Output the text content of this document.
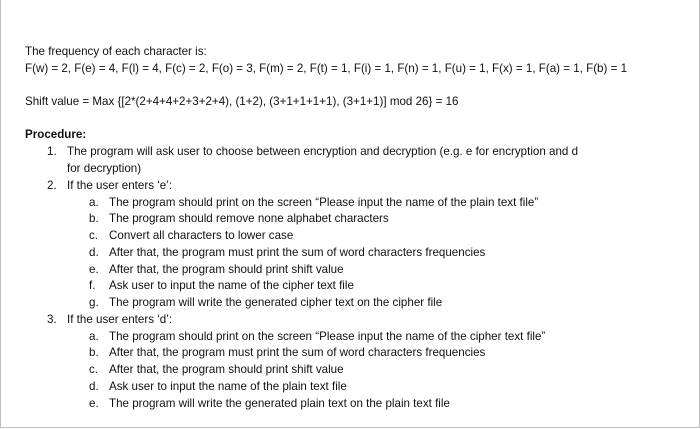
The frequency of each character is:
F(w) = 2, F(e) = 4, F(l) = 4, F(c) = 2, F(o) = 3, F(m) = 2, F(t) = 1, F(i) = 1, F(n) = 1, F(u) = 1, F(x) = 1, F(a) = 1, F(b) = 1
Shift value = Max {[2*(2+4+4+2+3+2+4), (1+2), (3+1+1+1+1), (3+1+1)] mod 26} = 16
Procedure:
1. The program will ask user to choose between encryption and decryption (e.g. e for encryption and d
for decryption)
2. If the user enters ‘e’:
a. The program should print on the screen “Please input the name of the plain text file”
b. The program should remove none alphabet characters
c. Convert all characters to lower case
d. After that, the program must print the sum of word characters frequencies
e. After that, the program should print shift value
f. Ask user to input the name of the cipher text file
g. The program will write the generated cipher text on the cipher file
3. If the user enters ‘d’:
a. The program should print on the screen “Please input the name of the cipher text file”
b. After that, the program must print the sum of word characters frequencies
c. After that, the program should print shift value
d. Ask user to input the name of the plain text file
e. The program will write the generated plain text on the plain text file
